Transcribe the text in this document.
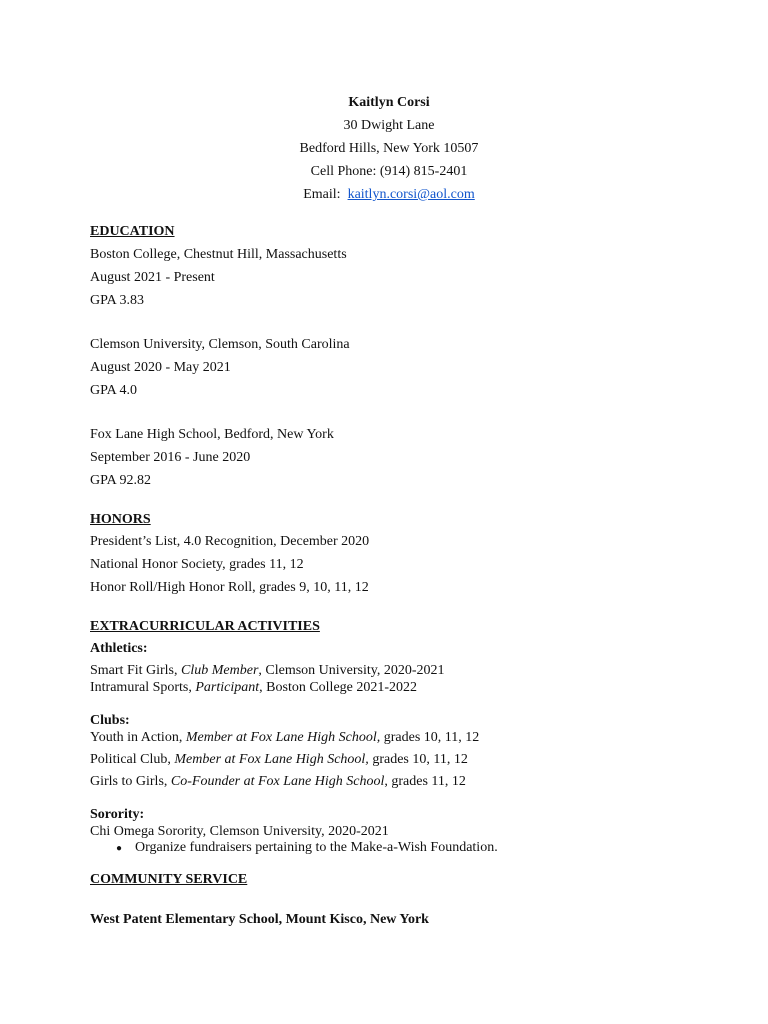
Kaitlyn Corsi
30 Dwight Lane
Bedford Hills, New York 10507
Cell Phone: (914) 815-2401
Email: kaitlyn.corsi@aol.com
EDUCATION
Boston College, Chestnut Hill, Massachusetts
August 2021 - Present
GPA 3.83
Clemson University, Clemson, South Carolina
August 2020 - May 2021
GPA 4.0
Fox Lane High School, Bedford, New York
September 2016 - June 2020
GPA 92.82
HONORS
President’s List, 4.0 Recognition, December 2020
National Honor Society, grades 11, 12
Honor Roll/High Honor Roll, grades 9, 10, 11, 12
EXTRACURRICULAR ACTIVITIES
Athletics:
Smart Fit Girls, Club Member, Clemson University, 2020-2021
Intramural Sports, Participant, Boston College 2021-2022
Clubs:
Youth in Action, Member at Fox Lane High School, grades 10, 11, 12
Political Club, Member at Fox Lane High School, grades 10, 11, 12
Girls to Girls, Co-Founder at Fox Lane High School, grades 11, 12
Sorority:
Chi Omega Sorority, Clemson University, 2020-2021
● Organize fundraisers pertaining to the Make-a-Wish Foundation.
COMMUNITY SERVICE
West Patent Elementary School, Mount Kisco, New York
